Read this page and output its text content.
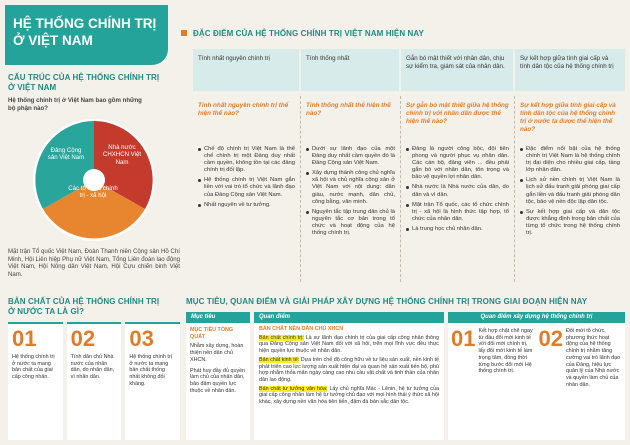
HỆ THỐNG CHÍNH TRỊ
Ở VIỆT NAM
CẤU TRÚC CỦA HỆ THỐNG CHÍNH TRỊ
Ở VIỆT NAM
Hệ thống chính trị ở Việt Nam bao gồm những bộ phận nào?
Đảng Cộng sản Việt Nam
Nhà nước CHXHCN Việt Nam
Các tổ chức chính trị - xã hội
Mặt trận Tổ quốc Việt Nam, Đoàn Thanh niên Cộng sản Hồ Chí Minh, Hội Liên hiệp Phụ nữ Việt Nam, Tổng Liên đoàn lao động Việt Nam, Hội Nông dân Việt Nam, Hội Cựu chiến binh Việt Nam.
ĐẶC ĐIỂM CỦA HỆ THỐNG CHÍNH TRỊ VIỆT NAM HIỆN NAY
Tính nhất nguyên chính trị	Tính thống nhất	Gắn bó mật thiết với nhân dân, chịu sự kiểm tra, giám sát của nhân dân.
Sự kết hợp giữa tính giai cấp và tính dân tộc của hệ thống chính trị
Tính nhất nguyên chính trị thể hiện thế nào?
Chế độ chính trị Việt Nam là thể chế chính trị một Đảng duy nhất cầm quyền, không tồn tại các đảng chính trị đối lập.
Hệ thống chính trị Việt Nam gắn liền với vai trò tổ chức và lãnh đạo của Đảng Cộng sản Việt Nam.
Nhất nguyên về tư tưởng.
Tính thống nhất thể hiện thế nào?
Dưới sự lãnh đạo của một Đảng duy nhất cầm quyền đó là Đảng Cộng sản Việt Nam.
Xây dựng thành công chủ nghĩa xã hội và chủ nghĩa cộng sản ở Việt Nam với nội dung: dân giàu, nước mạnh, dân chủ, công bằng, văn minh.
Nguyên tắc tập trung dân chủ là nguyên tắc cơ bản trong tổ chức và hoạt động của hệ thống chính trị.
Sự gắn bó mật thiết giữa hệ thống chính trị với nhân dân được thể hiện thế nào?
Đảng là người công bộc, đội tiên phong và người phục vụ nhân dân. Các cán bộ, đảng viên ... đều phải gắn bó với nhân dân, tôn trọng và bảo vệ quyền lợi nhân dân.
Nhà nước là Nhà nước của dân, do dân và vì dân.
Mặt trận Tổ quốc, các tổ chức chính trị - xã hội là hình thức tập hợp, tổ chức của nhân dân.
Là trung học chủ nhân dân.
Sự kết hợp giữa tính giai cấp và tính dân tộc của hệ thống chính trị ở nước ta được thể hiện thế nào?
Đặc điểm nổi bật của hệ thống chính trị Việt Nam là hệ thống chính trị đại diện cho nhiều giai cấp, tầng lớp nhân dân.
Lịch sử nền chính trị Việt Nam là lịch sử đấu tranh giải phóng giai cấp gắn liền và đấu tranh giải phóng dân tộc, bảo vệ nền độc lập dân tộc.
Sự kết hợp giai cấp và dân tộc được khẳng định trong bản chất của từng tổ chức trong hệ thống chính trị.
BẢN CHẤT CỦA HỆ THỐNG CHÍNH TRỊ
Ở NƯỚC TA LÀ GÌ?
01
Hệ thống chính trị ở nước ta mang bản chất của giai cấp công nhân.
02
Tính dân chủ Nhà nước của nhân dân, do nhân dân, vì nhân dân.
03
Hệ thống chính trị ở nước ta mang bản chất thống nhất không đối kháng.
MỤC TIÊU, QUAN ĐIỂM VÀ GIẢI PHÁP XÂY DỰNG HỆ THỐNG CHÍNH TRỊ TRONG GIAI ĐOẠN HIỆN NAY
Mục tiêu
MỤC TIÊU TỔNG QUÁT
Nhằm xây dựng, hoàn thiện nền dân chủ XHCN.
Phát huy đầy đủ quyền làm chủ của nhân dân, bảo đảm quyền lực thuộc về nhân dân.
Quan điểm
BẢN CHẤT NỀN DÂN CHỦ XHCN
Bản chất chính trị: Là sự lãnh đạo chính trị của giai cấp công nhân thông qua Đảng Cộng sản Việt Nam đối với xã hội, trên mọi lĩnh vực đều thực hiện quyền lực thuộc về nhân dân.
Bản chất kinh tế: Dựa trên chế độ công hữu về tư liệu sản xuất, nền kinh tế phát triển cao lực lượng sản xuất hiện đại và quan hệ sản xuất tiến bộ, phù hợp nhằm thỏa mãn ngày càng cao nhu cầu vật chất và tinh thần của nhân dân lao động.
Bản chất tư tưởng văn hóa: Lấy chủ nghĩa Mác - Lênin, hệ tư tưởng của giai cấp công nhân làm hệ tư tưởng chủ đạo với mọi hình thái ý thức xã hội khác, xây dựng nền văn hóa tiên tiến, đậm đà bản sắc dân tộc.
Quan điểm xây dựng hệ thống chính trị
01 Kết hợp chặt chẽ ngay từ đầu đổi mới kinh tế với đổi mới chính trị, lấy đổi mới kinh tế làm trọng tâm, đồng thời từng bước đổi mới Hệ thống chính trị.
02 Đổi mới tổ chức, phương thức hoạt động của hệ thống chính trị nhằm tăng cường vai trò lãnh đạo của Đảng, hiệu lực quản lý của Nhà nước và quyền làm chủ của nhân dân.
